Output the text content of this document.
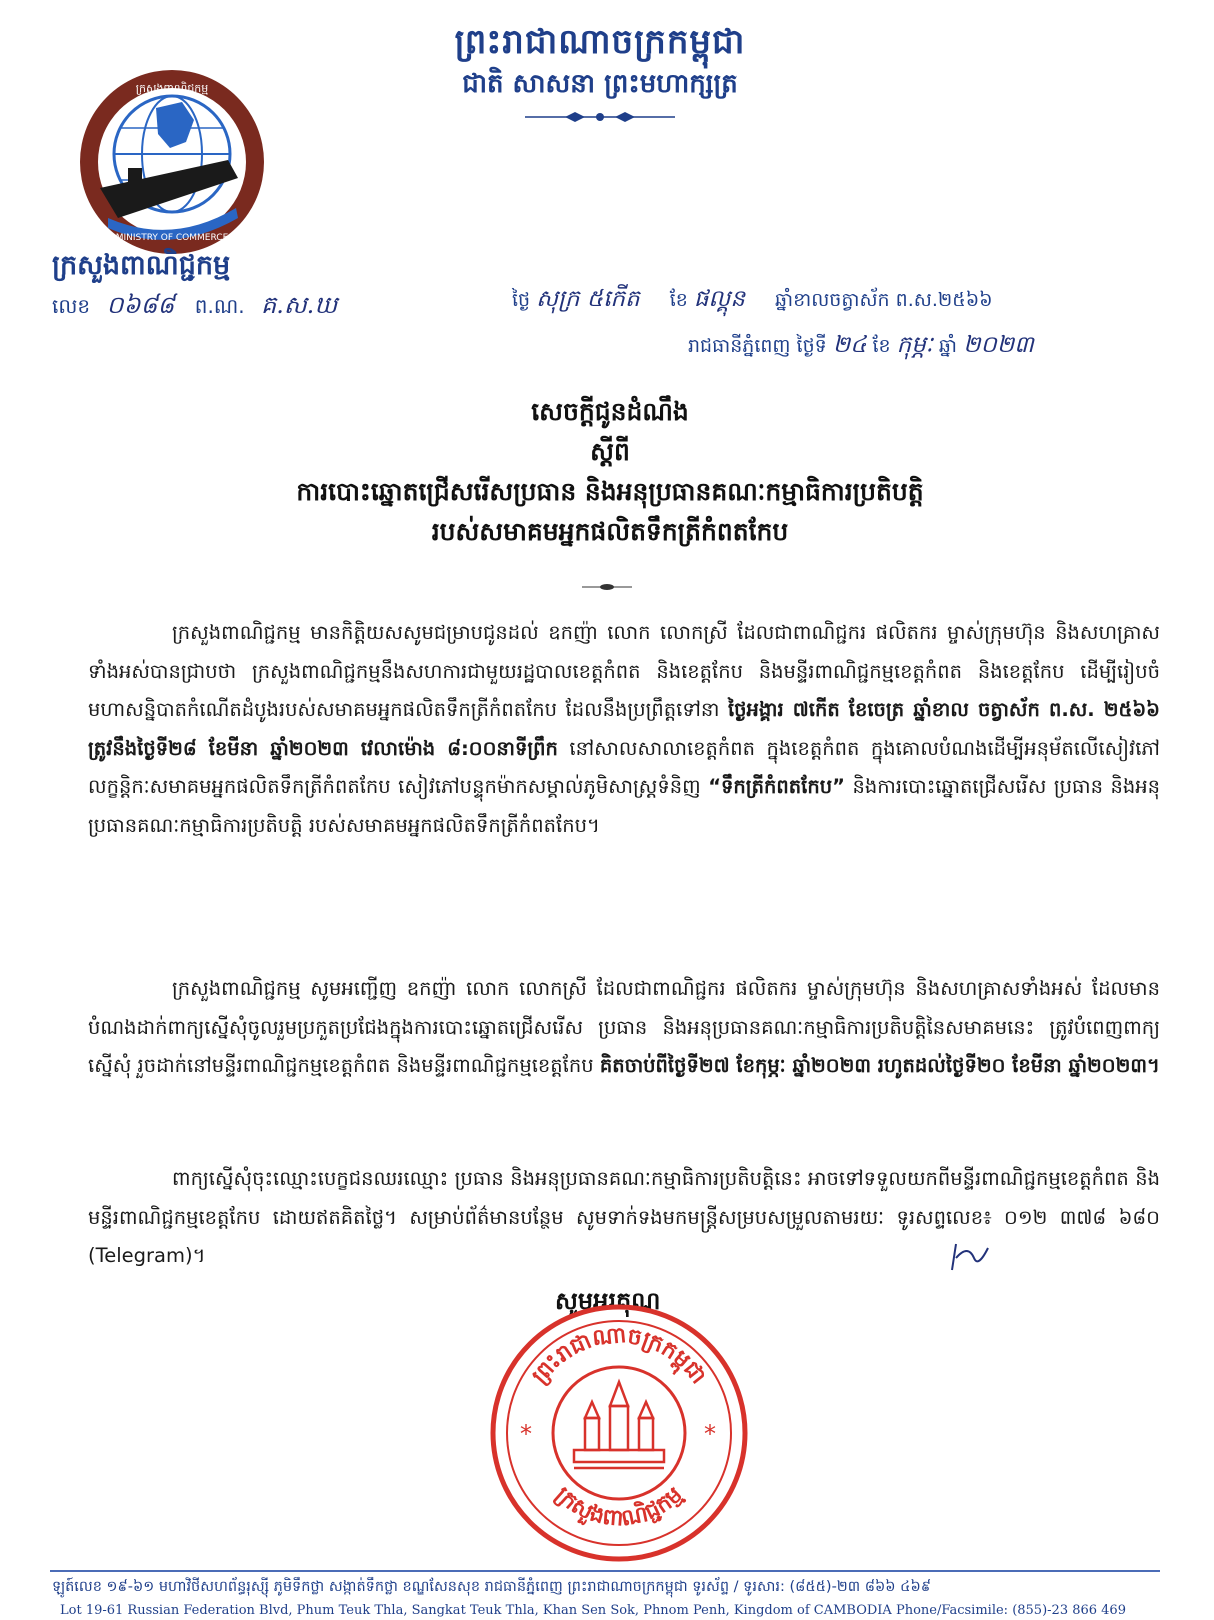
ព្រះរាជាណាចក្រកម្ពុជា
ជាតិ សាសនា ព្រះមហាក្សត្រ
ក្រសួងពាណិជ្ជកម្ម
MINISTRY OF COMMERCE
ក្រសួងពាណិជ្ជកម្ម
លេខ ០៦៨៨ ព.ណ. គ.ស.ឃ	ថ្ងៃ សុក្រ ៥កើត ខែ ផល្គុន ឆ្នាំខាលចត្វាស័ក ព.ស.២៥៦៦
រាជធានីភ្នំពេញ ថ្ងៃទី ២៤ ខែ កុម្ភៈ ឆ្នាំ ២០២៣
សេចក្តីជូនដំណឹង
ស្តីពី
ការបោះឆ្នោតជ្រើសរើសប្រធាន និងអនុប្រធានគណៈកម្មាធិការប្រតិបត្តិ
របស់សមាគមអ្នកផលិតទឹកត្រីកំពតកែប
ក្រសួងពាណិជ្ជកម្ម មានកិត្តិយសសូមជម្រាបជូនដល់ ឧកញ៉ា លោក លោកស្រី ដែលជាពាណិជ្ជករ ផលិតករ ម្ចាស់ក្រុមហ៊ុន និងសហគ្រាសទាំងអស់បានជ្រាបថា ក្រសួងពាណិជ្ជកម្មនឹងសហការជាមួយរដ្ឋបាលខេត្តកំពត និងខេត្តកែប និងមន្ទីរពាណិជ្ជកម្មខេត្តកំពត និងខេត្តកែប ដើម្បីរៀបចំមហាសន្និបាតកំណើតដំបូងរបស់សមាគមអ្នកផលិតទឹកត្រីកំពតកែប ដែលនឹងប្រព្រឹត្តទៅនា ថ្ងៃអង្គារ ៧កើត ខែចេត្រ ឆ្នាំខាល ចត្វាស័ក ព.ស. ២៥៦៦ ត្រូវនឹងថ្ងៃទី២៨ ខែមីនា ឆ្នាំ២០២៣ វេលាម៉ោង ៨:០០នាទីព្រឹក នៅសាលសាលាខេត្តកំពត ក្នុងខេត្តកំពត ក្នុងគោលបំណងដើម្បីអនុម័តលើសៀវភៅលក្ខន្តិកៈសមាគមអ្នកផលិតទឹកត្រីកំពតកែប សៀវភៅបន្ទុកម៉ាកសម្គាល់ភូមិសាស្ត្រទំនិញ “ទឹកត្រីកំពតកែប” និងការបោះឆ្នោតជ្រើសរើស ប្រធាន និងអនុប្រធានគណៈកម្មាធិការប្រតិបត្តិ របស់សមាគមអ្នកផលិតទឹកត្រីកំពតកែប។
ក្រសួងពាណិជ្ជកម្ម សូមអញ្ជើញ ឧកញ៉ា លោក លោកស្រី ដែលជាពាណិជ្ជករ ផលិតករ ម្ចាស់ក្រុមហ៊ុន និងសហគ្រាសទាំងអស់ ដែលមានបំណងដាក់ពាក្យស្នើសុំចូលរួមប្រកួតប្រជែងក្នុងការបោះឆ្នោតជ្រើសរើស ប្រធាន និងអនុប្រធានគណៈកម្មាធិការប្រតិបត្តិនៃសមាគមនេះ ត្រូវបំពេញពាក្យស្នើសុំ រួចដាក់នៅមន្ទីរពាណិជ្ជកម្មខេត្តកំពត និងមន្ទីរពាណិជ្ជកម្មខេត្តកែប គិតចាប់ពីថ្ងៃទី២៧ ខែកុម្ភៈ ឆ្នាំ២០២៣ រហូតដល់ថ្ងៃទី២០ ខែមីនា ឆ្នាំ២០២៣។
ពាក្យស្នើសុំចុះឈ្មោះបេក្ខជនឈរឈ្មោះ ប្រធាន និងអនុប្រធានគណៈកម្មាធិការប្រតិបត្តិនេះ អាចទៅទទួលយកពីមន្ទីរពាណិជ្ជកម្មខេត្តកំពត និងមន្ទីរពាណិជ្ជកម្មខេត្តកែប ដោយឥតគិតថ្លៃ។ សម្រាប់ព័ត៌មានបន្ថែម សូមទាក់ទងមកមន្ត្រីសម្របសម្រួលតាមរយៈ ទូរសព្ទលេខ៖ ០១២ ៣៧៨ ៦៨០ (Telegram)។
សូមអរគុណ
ព្រះរាជាណាចក្រកម្ពុជា
ក្រសួងពាណិជ្ជកម្ម
*	*
ឡូត៍លេខ ១៩-៦១ មហាវិថីសហព័ន្ធរុស្ស៊ី ភូមិទឹកថ្លា សង្កាត់ទឹកថ្លា ខណ្ឌសែនសុខ រាជធានីភ្នំពេញ ព្រះរាជាណាចក្រកម្ពុជា ទូរស័ព្ទ / ទូរសារ: (៨៥៥)-២៣ ៨៦៦ ៤៦៩
Lot 19-61 Russian Federation Blvd, Phum Teuk Thla, Sangkat Teuk Thla, Khan Sen Sok, Phnom Penh, Kingdom of CAMBODIA Phone/Facsimile: (855)-23 866 469
